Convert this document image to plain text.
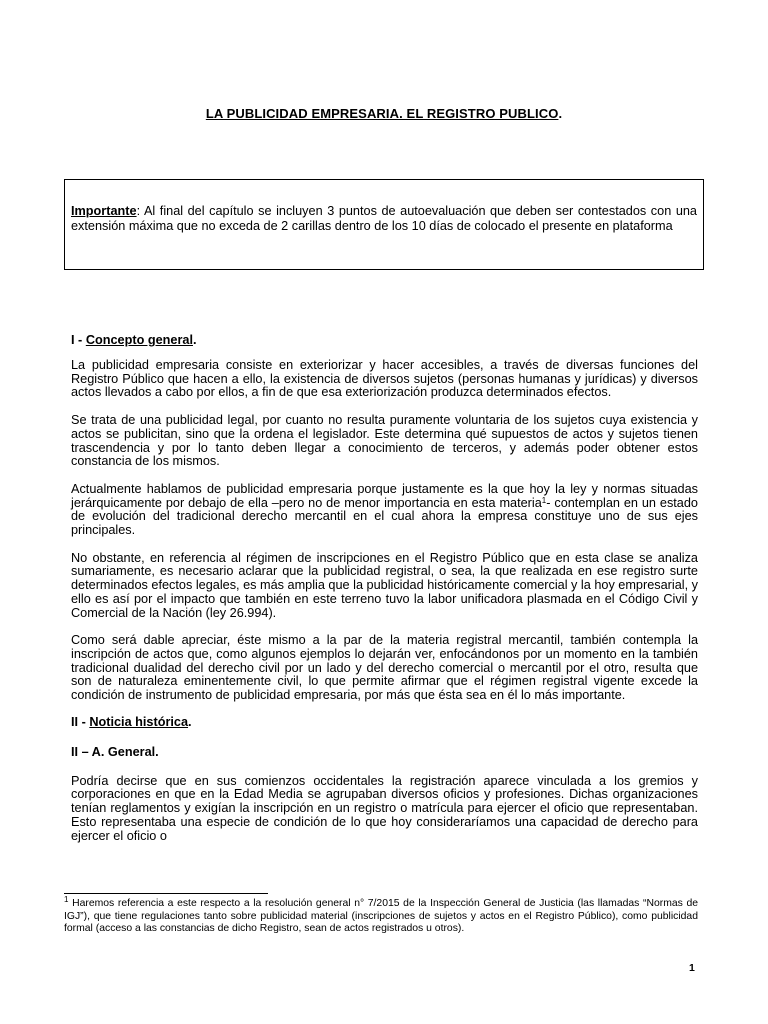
LA PUBLICIDAD EMPRESARIA. EL REGISTRO PUBLICO.
Importante: Al final del capítulo se incluyen 3 puntos de autoevaluación que deben ser contestados con una extensión máxima que no exceda de 2 carillas dentro de los 10 días de colocado el presente en plataforma
I - Concepto general.

La publicidad empresaria consiste en exteriorizar y hacer accesibles, a través de diversas funciones del Registro Público que hacen a ello, la existencia de diversos sujetos (personas humanas y jurídicas) y diversos actos llevados a cabo por ellos, a fin de que esa exteriorización produzca determinados efectos.

Se trata de una publicidad legal, por cuanto no resulta puramente voluntaria de los sujetos cuya existencia y actos se publicitan, sino que la ordena el legislador. Este determina qué supuestos de actos y sujetos tienen trascendencia y por lo tanto deben llegar a conocimiento de terceros, y además poder obtener estos constancia de los mismos.

Actualmente hablamos de publicidad empresaria porque justamente es la que hoy la ley y normas situadas jerárquicamente por debajo de ella –pero no de menor importancia en esta materia$^1$- contemplan en un estado de evolución del tradicional derecho mercantil en el cual ahora la empresa constituye uno de sus ejes principales.

No obstante, en referencia al régimen de inscripciones en el Registro Público que en esta clase se analiza sumariamente, es necesario aclarar que la publicidad registral, o sea, la que realizada en ese registro surte determinados efectos legales, es más amplia que la publicidad históricamente comercial y la hoy empresarial, y ello es así por el impacto que también en este terreno tuvo la labor unificadora plasmada en el Código Civil y Comercial de la Nación (ley 26.994).

Como será dable apreciar, éste mismo a la par de la materia registral mercantil, también contempla la inscripción de actos que, como algunos ejemplos lo dejarán ver, enfocándonos por un momento en la también tradicional dualidad del derecho civil por un lado y del derecho comercial o mercantil por el otro, resulta que son de naturaleza eminentemente civil, lo que permite afirmar que el régimen registral vigente excede la condición de instrumento de publicidad empresaria, por más que ésta sea en él lo más importante.

II - Noticia histórica.
II – A. General.

Podría decirse que en sus comienzos occidentales la registración aparece vinculada a los gremios y corporaciones en que en la Edad Media se agrupaban diversos oficios y profesiones. Dichas organizaciones tenían reglamentos y exigían la inscripción en un registro o matrícula para ejercer el oficio que representaban. Esto representaba una especie de condición de lo que hoy consideraríamos una capacidad de derecho para ejercer el oficio o

$^1$ Haremos referencia a este respecto a la resolución general n° 7/2015 de la Inspección General de Justicia (las llamadas “Normas de IGJ”), que tiene regulaciones tanto sobre publicidad material (inscripciones de sujetos y actos en el Registro Público), como publicidad formal (acceso a las constancias de dicho Registro, sean de actos registrados u otros).
1
